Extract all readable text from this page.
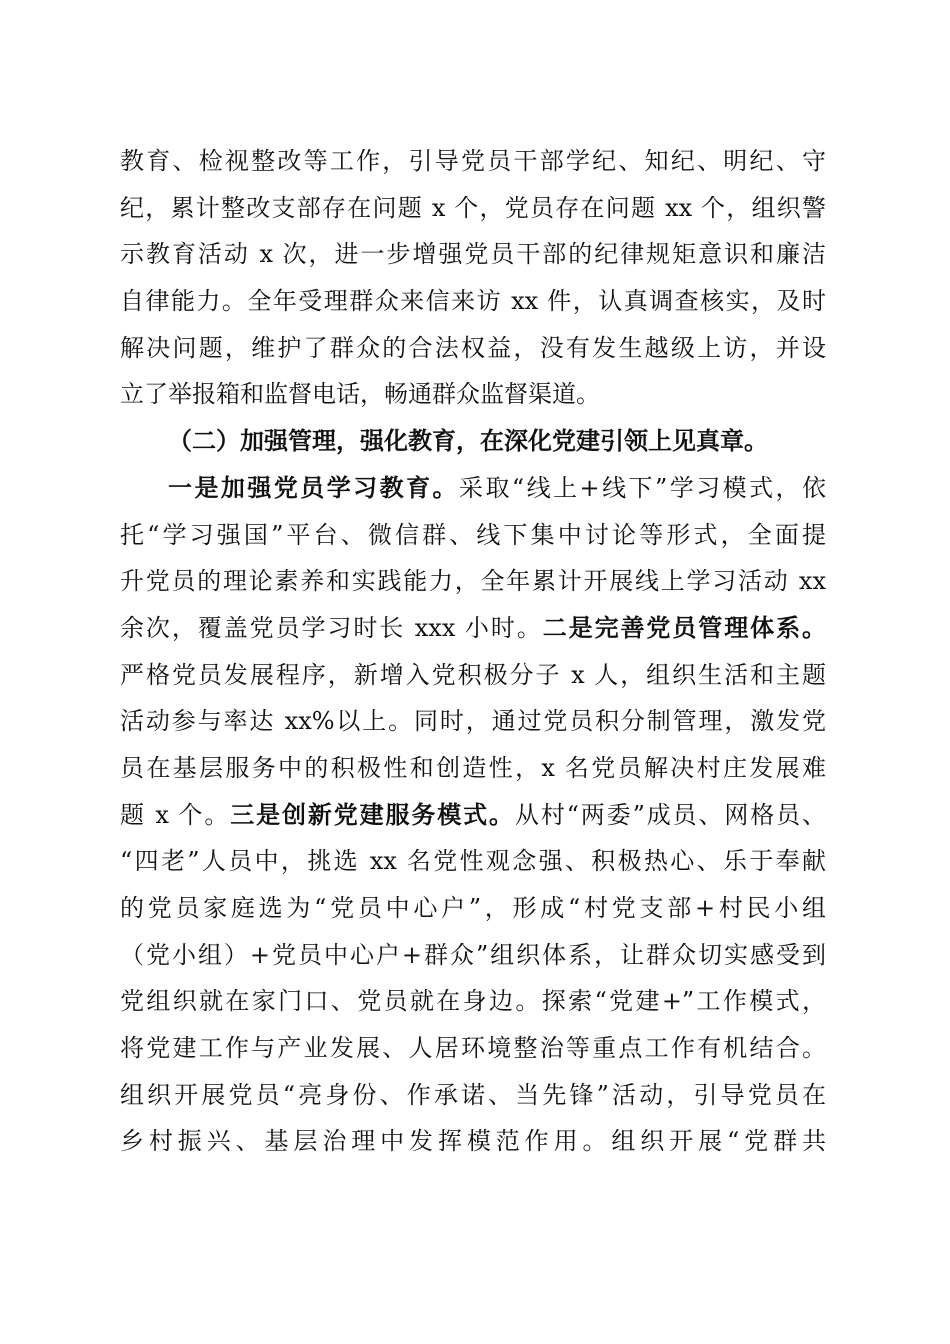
教育、检视整改等工作，引导党员干部学纪、知纪、明纪、守
纪，累计整改支部存在问题 x 个，党员存在问题 xx 个，组织警
示教育活动 x 次，进一步增强党员干部的纪律规矩意识和廉洁
自律能力。全年受理群众来信来访 xx 件，认真调查核实，及时
解决问题，维护了群众的合法权益，没有发生越级上访，并设
立了举报箱和监督电话，畅通群众监督渠道。
（二）加强管理，强化教育，在深化党建引领上见真章。
一是加强党员学习教育。采取“线上+线下”学习模式，依
托“学习强国”平台、微信群、线下集中讨论等形式，全面提
升党员的理论素养和实践能力，全年累计开展线上学习活动 xx
余次，覆盖党员学习时长 xxx 小时。二是完善党员管理体系。
严格党员发展程序，新增入党积极分子 x 人，组织生活和主题
活动参与率达 xx%以上。同时，通过党员积分制管理，激发党
员在基层服务中的积极性和创造性，x 名党员解决村庄发展难
题 x 个。三是创新党建服务模式。从村“两委”成员、网格员、
“四老”人员中，挑选 xx 名党性观念强、积极热心、乐于奉献
的党员家庭选为“党员中心户”，形成“村党支部+村民小组
（党小组）+党员中心户+群众”组织体系，让群众切实感受到
党组织就在家门口、党员就在身边。探索“党建+”工作模式，
将党建工作与产业发展、人居环境整治等重点工作有机结合。
组织开展党员“亮身份、作承诺、当先锋”活动，引导党员在
乡村振兴、基层治理中发挥模范作用。组织开展“党群共
